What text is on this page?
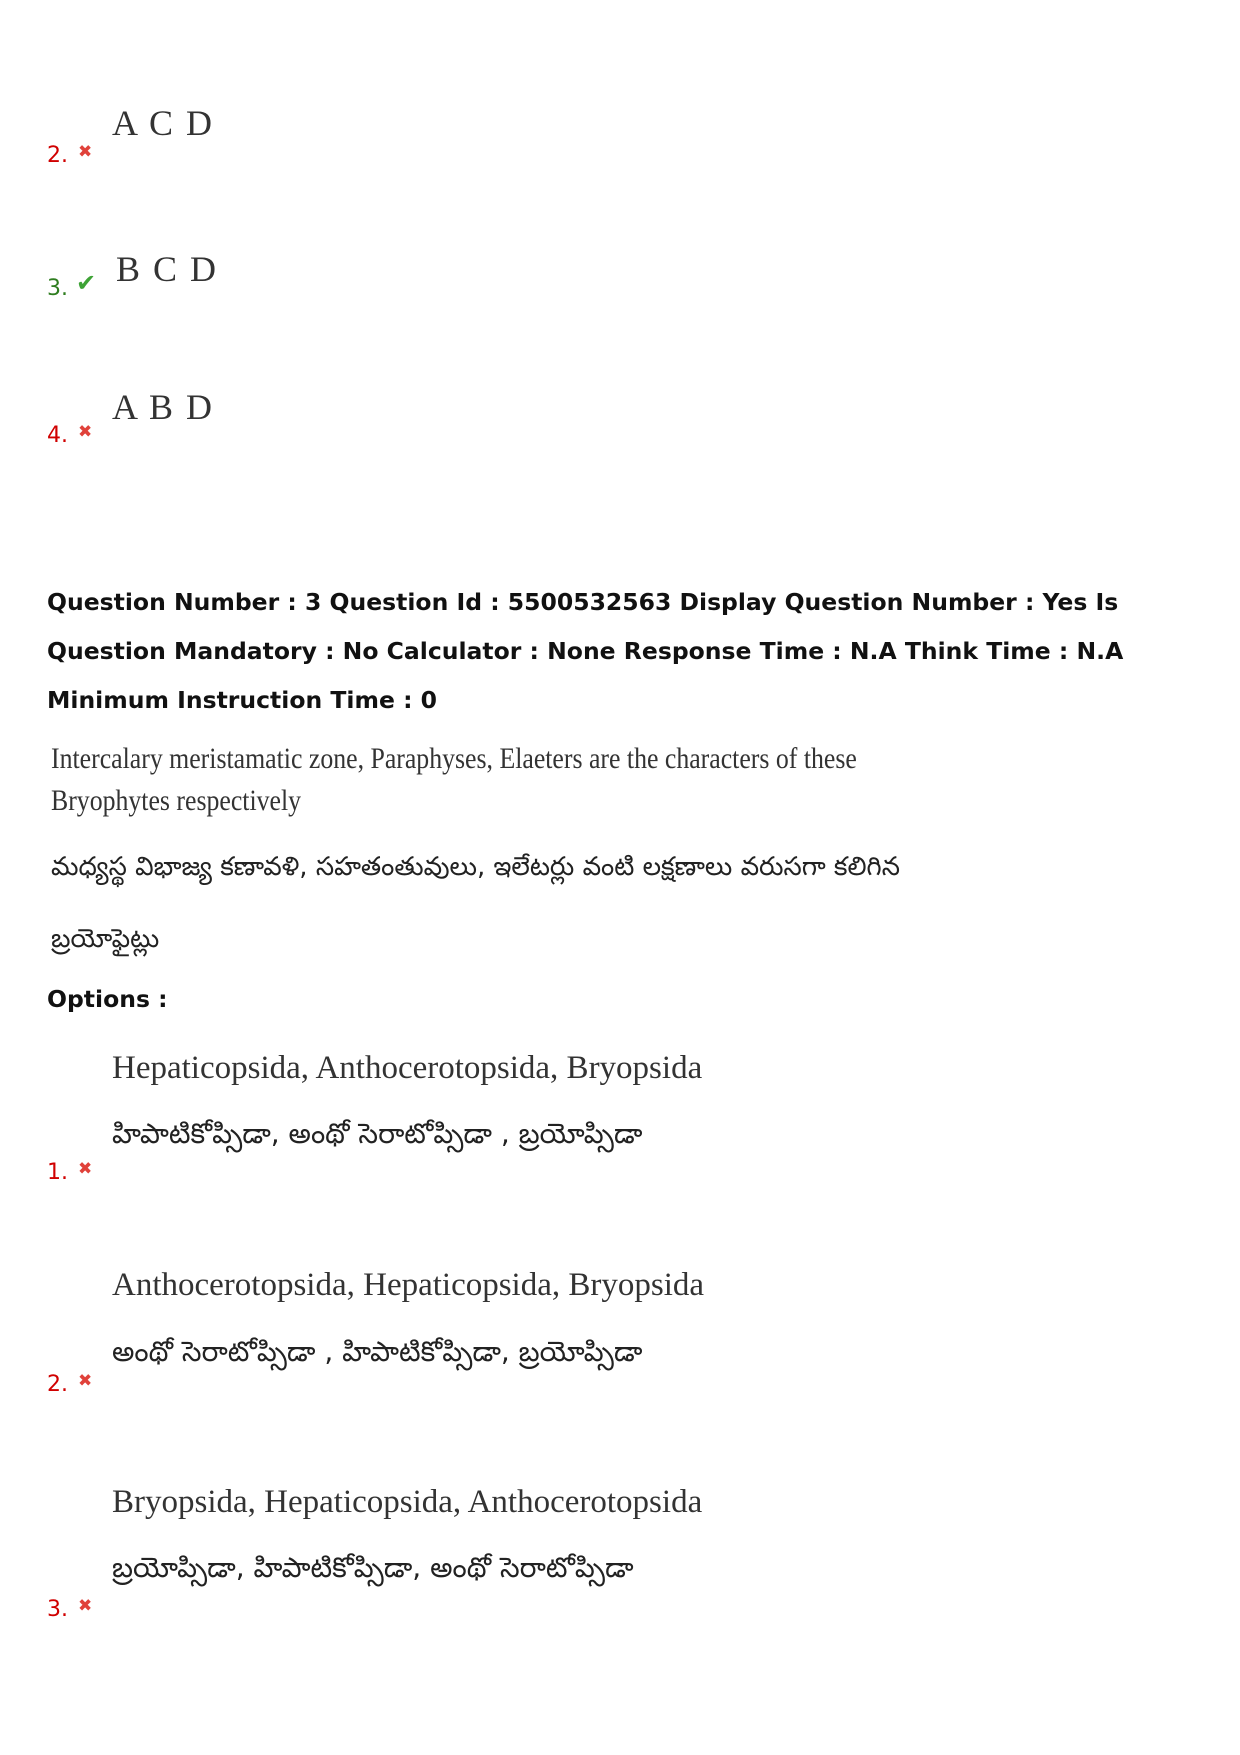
2. ✖
A C D
3. ✔ B C D
4. ✖
A B D
Question Number : 3 Question Id : 5500532563 Display Question Number : Yes Is Question Mandatory : No Calculator : None Response Time : N.A Think Time : N.A Minimum Instruction Time : 0
Intercalary meristamatic zone, Paraphyses, Elaeters are the characters of these
Bryophytes respectively
మధ్యస్థ విభాజ్య కణావళి, సహతంతువులు, ఇలేటర్లు వంటి లక్షణాలు వరుసగా కలిగిన
బ్రయోఫైట్లు
Options :
Hepaticopsida, Anthocerotopsida, Bryopsida
హిపాటికోప్సిడా, అంథో సెరాటోప్సిడా , బ్రయోప్సిడా
1. ✖
Anthocerotopsida, Hepaticopsida, Bryopsida
అంథో సెరాటోప్సిడా , హిపాటికోప్సిడా, బ్రయోప్సిడా
2. ✖
Bryopsida, Hepaticopsida, Anthocerotopsida
బ్రయోప్సిడా, హిపాటికోప్సిడా, అంథో సెరాటోప్సిడా
3. ✖
